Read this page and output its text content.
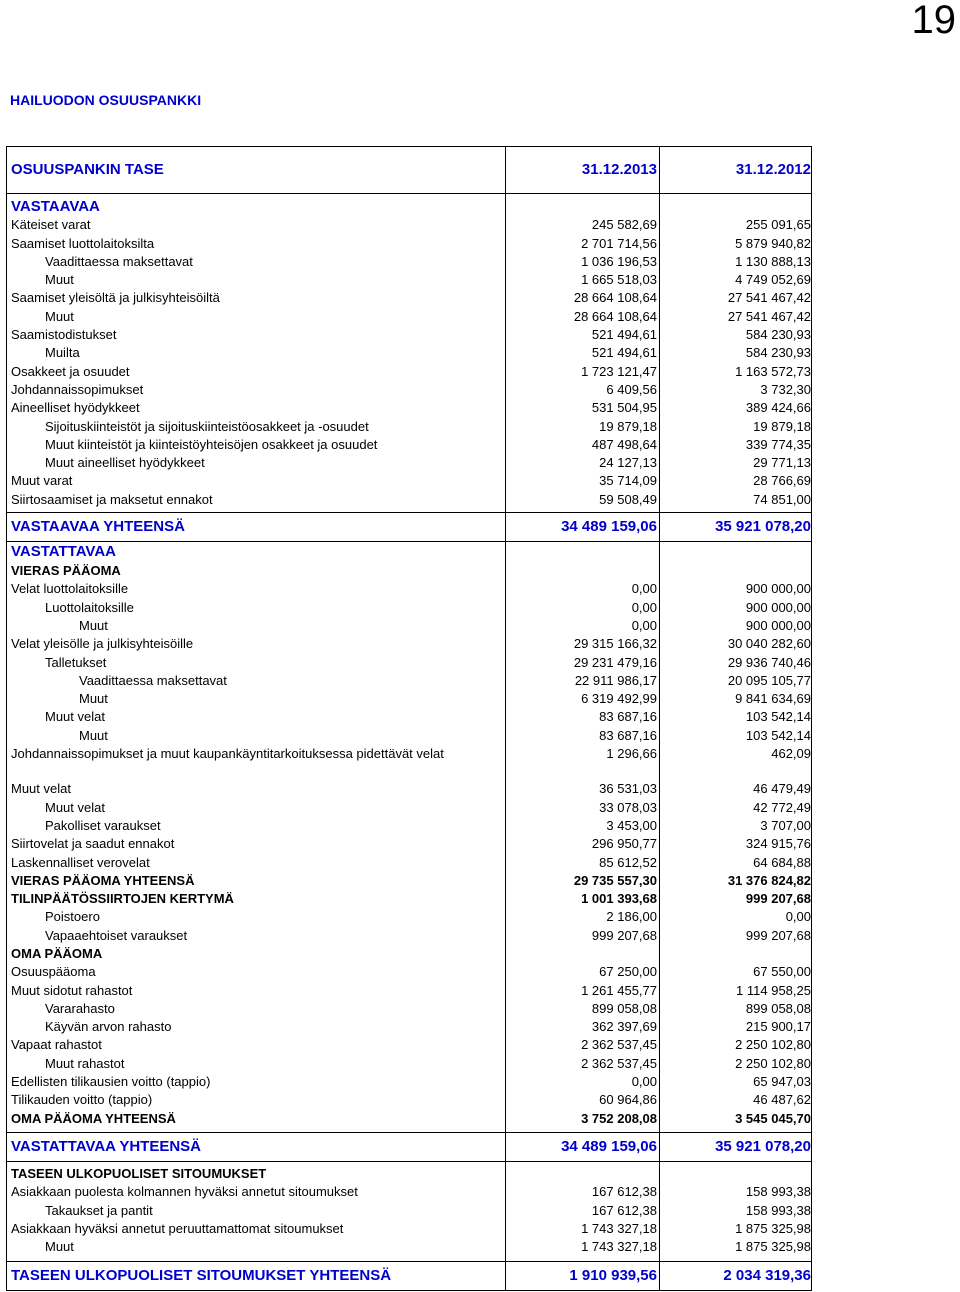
19
HAILUODON OSUUSPANKKI
OSUUSPANKIN TASE	31.12.2013	31.12.2012
VASTAAVAA
Käteiset varat	245 582,69	255 091,65
Saamiset luottolaitoksilta	2 701 714,56	5 879 940,82
Vaadittaessa maksettavat	1 036 196,53	1 130 888,13
Muut	1 665 518,03	4 749 052,69
Saamiset yleisöltä ja julkisyhteisöiltä	28 664 108,64	27 541 467,42
Muut	28 664 108,64	27 541 467,42
Saamistodistukset	521 494,61	584 230,93
Muilta	521 494,61	584 230,93
Osakkeet ja osuudet	1 723 121,47	1 163 572,73
Johdannaissopimukset	6 409,56	3 732,30
Aineelliset hyödykkeet	531 504,95	389 424,66
Sijoituskiinteistöt ja sijoituskiinteistöosakkeet ja -osuudet	19 879,18	19 879,18
Muut kiinteistöt ja kiinteistöyhteisöjen osakkeet ja osuudet	487 498,64	339 774,35
Muut aineelliset hyödykkeet	24 127,13	29 771,13
Muut varat	35 714,09	28 766,69
Siirtosaamiset ja maksetut ennakot	59 508,49	74 851,00
VASTAAVAA YHTEENSÄ	34 489 159,06	35 921 078,20
VASTATTAVAA
VIERAS PÄÄOMA
Velat luottolaitoksille	0,00	900 000,00
Luottolaitoksille	0,00	900 000,00
Muut	0,00	900 000,00
Velat yleisölle ja julkisyhteisöille	29 315 166,32	30 040 282,60
Talletukset	29 231 479,16	29 936 740,46
Vaadittaessa maksettavat	22 911 986,17	20 095 105,77
Muut	6 319 492,99	9 841 634,69
Muut velat	83 687,16	103 542,14
Muut	83 687,16	103 542,14
Johdannaissopimukset ja muut kaupankäyntitarkoituksessa pidettävät velat	1 296,66	462,09
Muut velat	36 531,03	46 479,49
Muut velat	33 078,03	42 772,49
Pakolliset varaukset	3 453,00	3 707,00
Siirtovelat ja saadut ennakot	296 950,77	324 915,76
Laskennalliset verovelat	85 612,52	64 684,88
VIERAS PÄÄOMA YHTEENSÄ	29 735 557,30	31 376 824,82
TILINPÄÄTÖSSIIRTOJEN KERTYMÄ	1 001 393,68	999 207,68
Poistoero	2 186,00	0,00
Vapaaehtoiset varaukset	999 207,68	999 207,68
OMA PÄÄOMA
Osuuspääoma	67 250,00	67 550,00
Muut sidotut rahastot	1 261 455,77	1 114 958,25
Vararahasto	899 058,08	899 058,08
Käyvän arvon rahasto	362 397,69	215 900,17
Vapaat rahastot	2 362 537,45	2 250 102,80
Muut rahastot	2 362 537,45	2 250 102,80
Edellisten tilikausien voitto (tappio)	0,00	65 947,03
Tilikauden voitto (tappio)	60 964,86	46 487,62
OMA PÄÄOMA YHTEENSÄ	3 752 208,08	3 545 045,70
VASTATTAVAA YHTEENSÄ	34 489 159,06	35 921 078,20
TASEEN ULKOPUOLISET SITOUMUKSET
Asiakkaan puolesta kolmannen hyväksi annetut sitoumukset	167 612,38	158 993,38
Takaukset ja pantit	167 612,38	158 993,38
Asiakkaan hyväksi annetut peruuttamattomat sitoumukset	1 743 327,18	1 875 325,98
Muut	1 743 327,18	1 875 325,98
TASEEN ULKOPUOLISET SITOUMUKSET YHTEENSÄ	1 910 939,56	2 034 319,36
